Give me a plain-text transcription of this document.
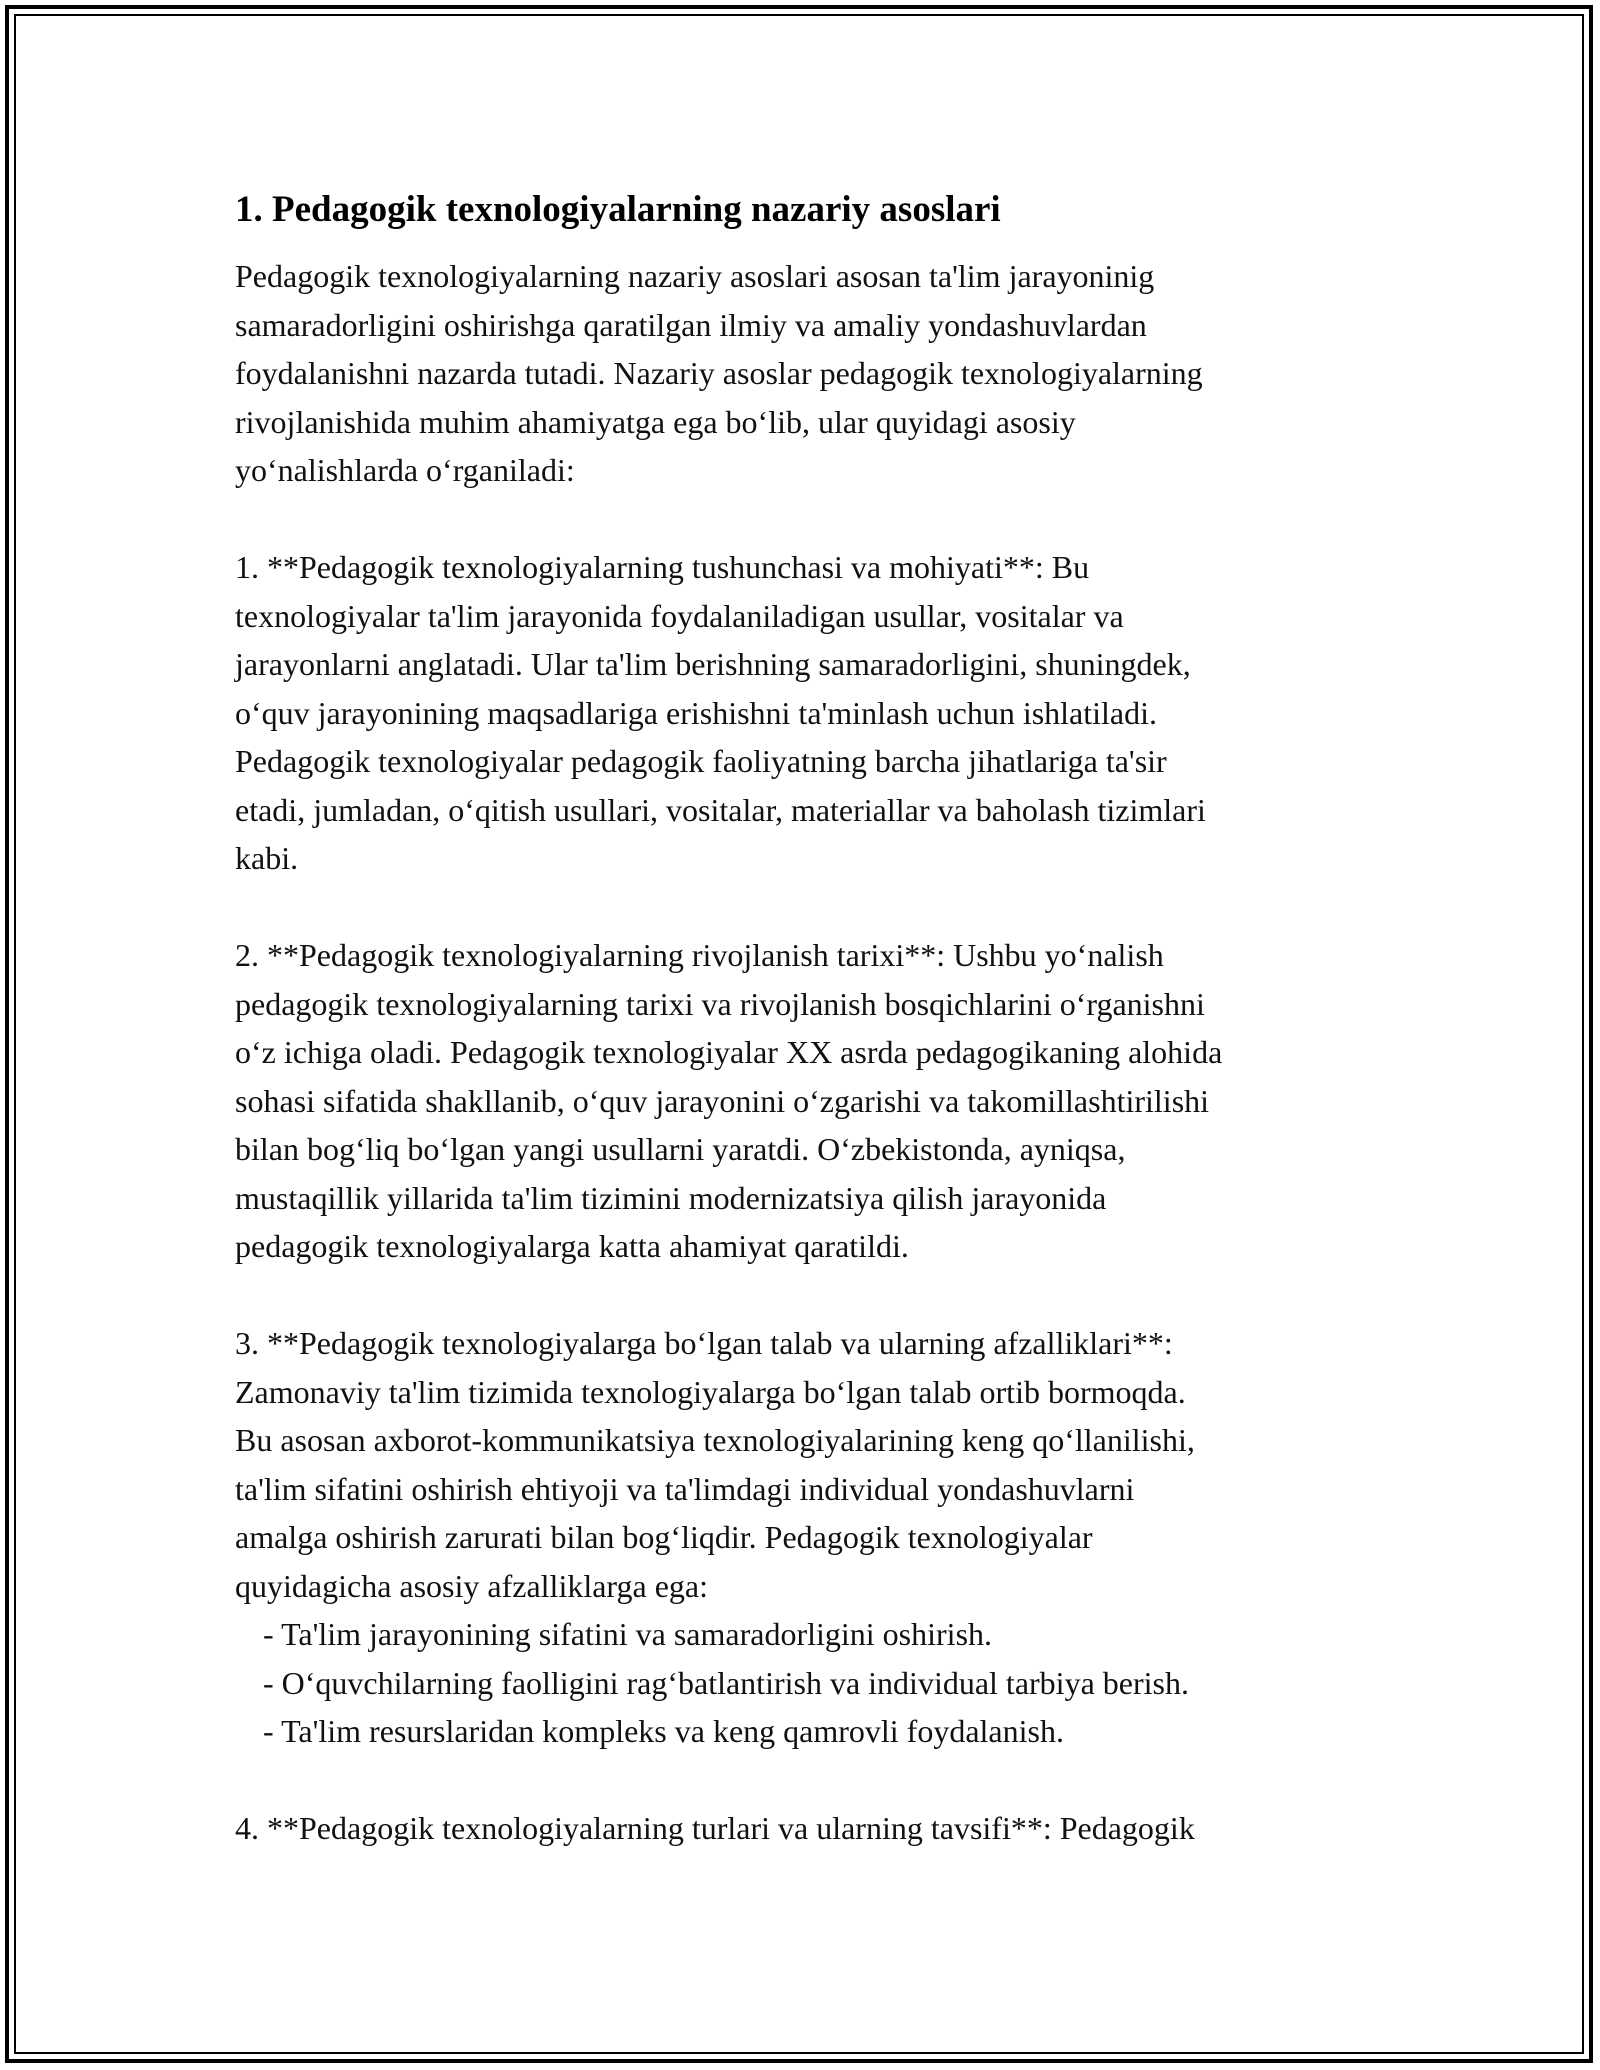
1. Pedagogik texnologiyalarning nazariy asoslari

Pedagogik texnologiyalarning nazariy asoslari asosan ta'lim jarayoninig
samaradorligini oshirishga qaratilgan ilmiy va amaliy yondashuvlardan
foydalanishni nazarda tutadi. Nazariy asoslar pedagogik texnologiyalarning
rivojlanishida muhim ahamiyatga ega bo‘lib, ular quyidagi asosiy
yo‘nalishlarda o‘rganiladi:

1. **Pedagogik texnologiyalarning tushunchasi va mohiyati**: Bu
texnologiyalar ta'lim jarayonida foydalaniladigan usullar, vositalar va
jarayonlarni anglatadi. Ular ta'lim berishning samaradorligini, shuningdek,
o‘quv jarayonining maqsadlariga erishishni ta'minlash uchun ishlatiladi.
Pedagogik texnologiyalar pedagogik faoliyatning barcha jihatlariga ta'sir
etadi, jumladan, o‘qitish usullari, vositalar, materiallar va baholash tizimlari
kabi.

2. **Pedagogik texnologiyalarning rivojlanish tarixi**: Ushbu yo‘nalish
pedagogik texnologiyalarning tarixi va rivojlanish bosqichlarini o‘rganishni
o‘z ichiga oladi. Pedagogik texnologiyalar XX asrda pedagogikaning alohida
sohasi sifatida shakllanib, o‘quv jarayonini o‘zgarishi va takomillashtirilishi
bilan bog‘liq bo‘lgan yangi usullarni yaratdi. O‘zbekistonda, ayniqsa,
mustaqillik yillarida ta'lim tizimini modernizatsiya qilish jarayonida
pedagogik texnologiyalarga katta ahamiyat qaratildi.

3. **Pedagogik texnologiyalarga bo‘lgan talab va ularning afzalliklari**:
Zamonaviy ta'lim tizimida texnologiyalarga bo‘lgan talab ortib bormoqda.
Bu asosan axborot-kommunikatsiya texnologiyalarining keng qo‘llanilishi,
ta'lim sifatini oshirish ehtiyoji va ta'limdagi individual yondashuvlarni
amalga oshirish zarurati bilan bog‘liqdir. Pedagogik texnologiyalar
quyidagicha asosiy afzalliklarga ega:

- Ta'lim jarayonining sifatini va samaradorligini oshirish.

- O‘quvchilarning faolligini rag‘batlantirish va individual tarbiya berish.

- Ta'lim resurslaridan kompleks va keng qamrovli foydalanish.

4. **Pedagogik texnologiyalarning turlari va ularning tavsifi**: Pedagogik
